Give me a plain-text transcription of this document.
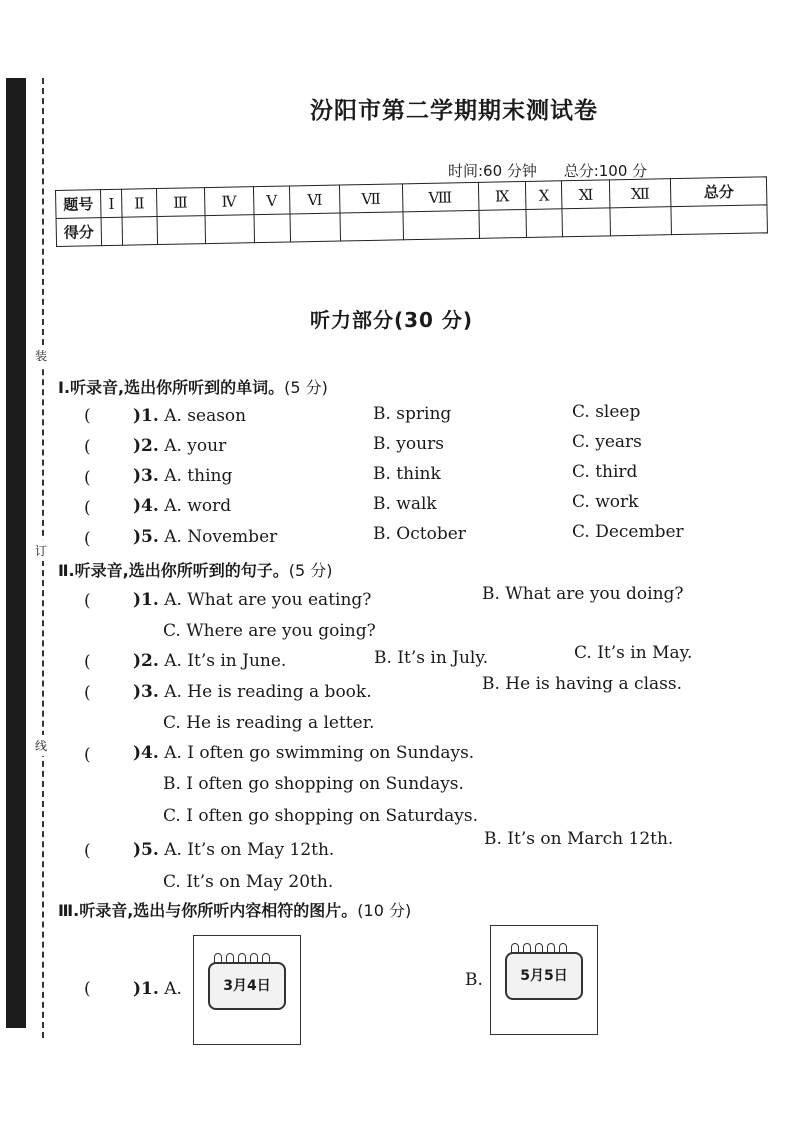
装
订
线
汾阳市第二学期期末测试卷
时间:60 分钟 总分:100 分
题号	Ⅰ	Ⅱ	Ⅲ	Ⅳ	Ⅴ	Ⅵ	Ⅶ	Ⅷ	Ⅸ	Ⅹ	Ⅺ	Ⅻ	总分
得分													
听力部分(30 分)
Ⅰ.听录音,选出你所听到的单词。(5 分)
( )1. A. season	B. spring	C. sleep
( )2. A. your	B. yours	C. years
( )3. A. thing	B. think	C. third
( )4. A. word	B. walk	C. work
( )5. A. November	B. October	C. December
Ⅱ.听录音,选出你所听到的句子。(5 分)
( )1. A. What are you eating?	B. What are you doing?
C. Where are you going?
( )2. A. It’s in June.	B. It’s in July.	C. It’s in May.
( )3. A. He is reading a book.	B. He is having a class.
C. He is reading a letter.
( )4. A. I often go swimming on Sundays.
B. I often go shopping on Sundays.
C. I often go shopping on Saturdays.
( )5. A. It’s on May 12th.
B. It’s on March 12th.
C. It’s on May 20th.
Ⅲ.听录音,选出与你所听内容相符的图片。(10 分)
( )1. A.	3月4日	B.	5月5日
